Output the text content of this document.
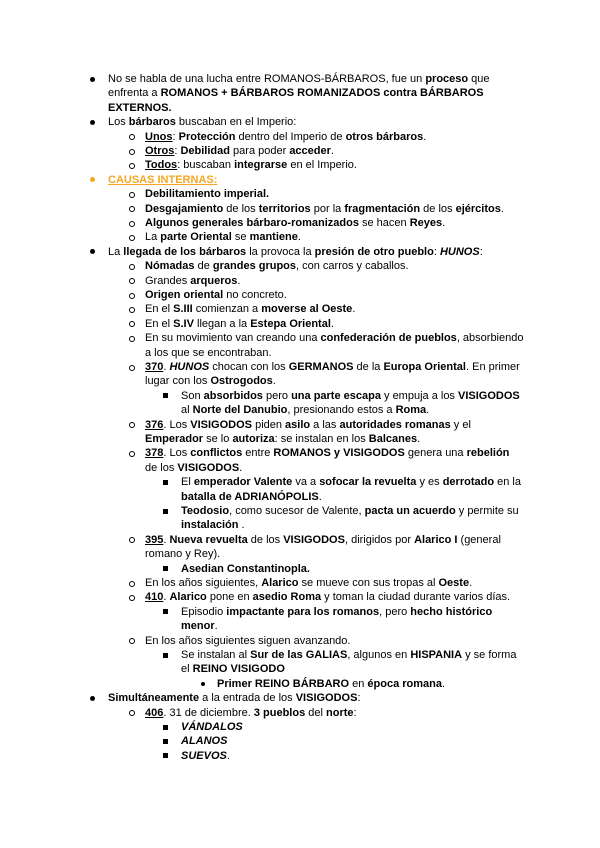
No se habla de una lucha entre ROMANOS-BÁRBAROS, fue un proceso que
enfrenta a ROMANOS + BÁRBAROS ROMANIZADOS contra BÁRBAROS
EXTERNOS.
Los bárbaros buscaban en el Imperio:
Unos: Protección dentro del Imperio de otros bárbaros.
Otros: Debilidad para poder acceder.
Todos: buscaban integrarse en el Imperio.
CAUSAS INTERNAS:
Debilitamiento imperial.
Desgajamiento de los territorios por la fragmentación de los ejércitos.
Algunos generales bárbaro-romanizados se hacen Reyes.
La parte Oriental se mantiene.
La llegada de los bárbaros la provoca la presión de otro pueblo: HUNOS:
Nómadas de grandes grupos, con carros y caballos.
Grandes arqueros.
Origen oriental no concreto.
En el S.III comienzan a moverse al Oeste.
En el S.IV llegan a la Estepa Oriental.
En su movimiento van creando una confederación de pueblos, absorbiendo
a los que se encontraban.
370. HUNOS chocan con los GERMANOS de la Europa Oriental. En primer
lugar con los Ostrogodos.
Son absorbidos pero una parte escapa y empuja a los VISIGODOS
al Norte del Danubio, presionando estos a Roma.
376. Los VISIGODOS piden asilo a las autoridades romanas y el
Emperador se lo autoriza: se instalan en los Balcanes.
378. Los conflictos entre ROMANOS y VISIGODOS genera una rebelión
de los VISIGODOS.
El emperador Valente va a sofocar la revuelta y es derrotado en la
batalla de ADRIANÓPOLIS.
Teodosio, como sucesor de Valente, pacta un acuerdo y permite su
instalación .
395. Nueva revuelta de los VISIGODOS, dirigidos por Alarico I (general
romano y Rey).
Asedian Constantinopla.
En los años siguientes, Alarico se mueve con sus tropas al Oeste.
410. Alarico pone en asedio Roma y toman la ciudad durante varios días.
Episodio impactante para los romanos, pero hecho histórico
menor.
En los años siguientes siguen avanzando.
Se instalan al Sur de las GALIAS, algunos en HISPANIA y se forma
el REINO VISIGODO
Primer REINO BÁRBARO en época romana.
Simultáneamente a la entrada de los VISIGODOS:
406. 31 de diciembre. 3 pueblos del norte:
VÁNDALOS
ALANOS
SUEVOS.
